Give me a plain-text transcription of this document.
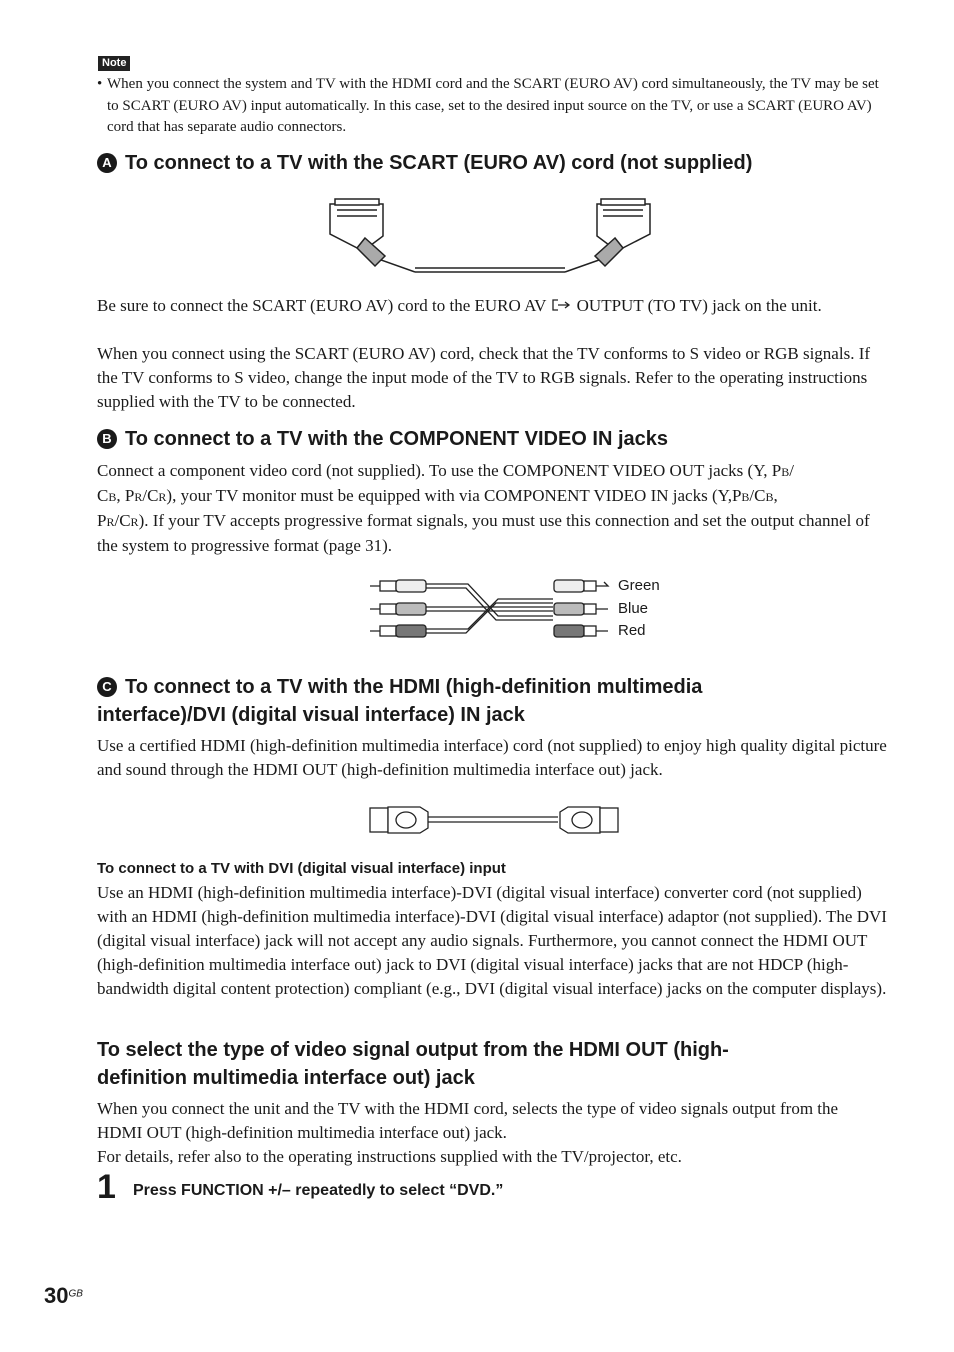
Note
• When you connect the system and TV with the HDMI cord and the SCART (EURO AV) cord simultaneously, the TV may be set to SCART (EURO AV) input automatically. In this case, set to the desired input source on the TV, or use a SCART (EURO AV) cord that has separate audio connectors.
A To connect to a TV with the SCART (EURO AV) cord (not supplied)
Be sure to connect the SCART (EURO AV) cord to the EURO AV  OUTPUT (TO TV) jack on the unit.
When you connect using the SCART (EURO AV) cord, check that the TV conforms to S video or RGB signals. If the TV conforms to S video, change the input mode of the TV to RGB signals. Refer to the operating instructions supplied with the TV to be connected.
B To connect to a TV with the COMPONENT VIDEO IN jacks
Connect a component video cord (not supplied). To use the COMPONENT VIDEO OUT jacks (Y, PB/
CB, PR/CR), your TV monitor must be equipped with via COMPONENT VIDEO IN jacks (Y,PB/CB,
PR/CR). If your TV accepts progressive format signals, you must use this connection and set the output channel of the system to progressive format (page 31).
Green
Blue
Red
C To connect to a TV with the HDMI (high-definition multimedia
interface)/DVI (digital visual interface) IN jack
Use a certified HDMI (high-definition multimedia interface) cord (not supplied) to enjoy high quality digital picture and sound through the HDMI OUT (high-definition multimedia interface out) jack.
To connect to a TV with DVI (digital visual interface) input
Use an HDMI (high-definition multimedia interface)-DVI (digital visual interface) converter cord (not supplied) with an HDMI (high-definition multimedia interface)-DVI (digital visual interface) adaptor (not supplied). The DVI (digital visual interface) jack will not accept any audio signals. Furthermore, you cannot connect the HDMI OUT (high-definition multimedia interface out) jack to DVI (digital visual interface) jacks that are not HDCP (high-bandwidth digital content protection) compliant (e.g., DVI (digital visual interface) jacks on the computer displays).
To select the type of video signal output from the HDMI OUT (high-
definition multimedia interface out) jack
When you connect the unit and the TV with the HDMI cord, selects the type of video signals output from the HDMI OUT (high-definition multimedia interface out) jack.
For details, refer also to the operating instructions supplied with the TV/projector, etc.
1 Press FUNCTION +/– repeatedly to select “DVD.”
$30^{GB}$
